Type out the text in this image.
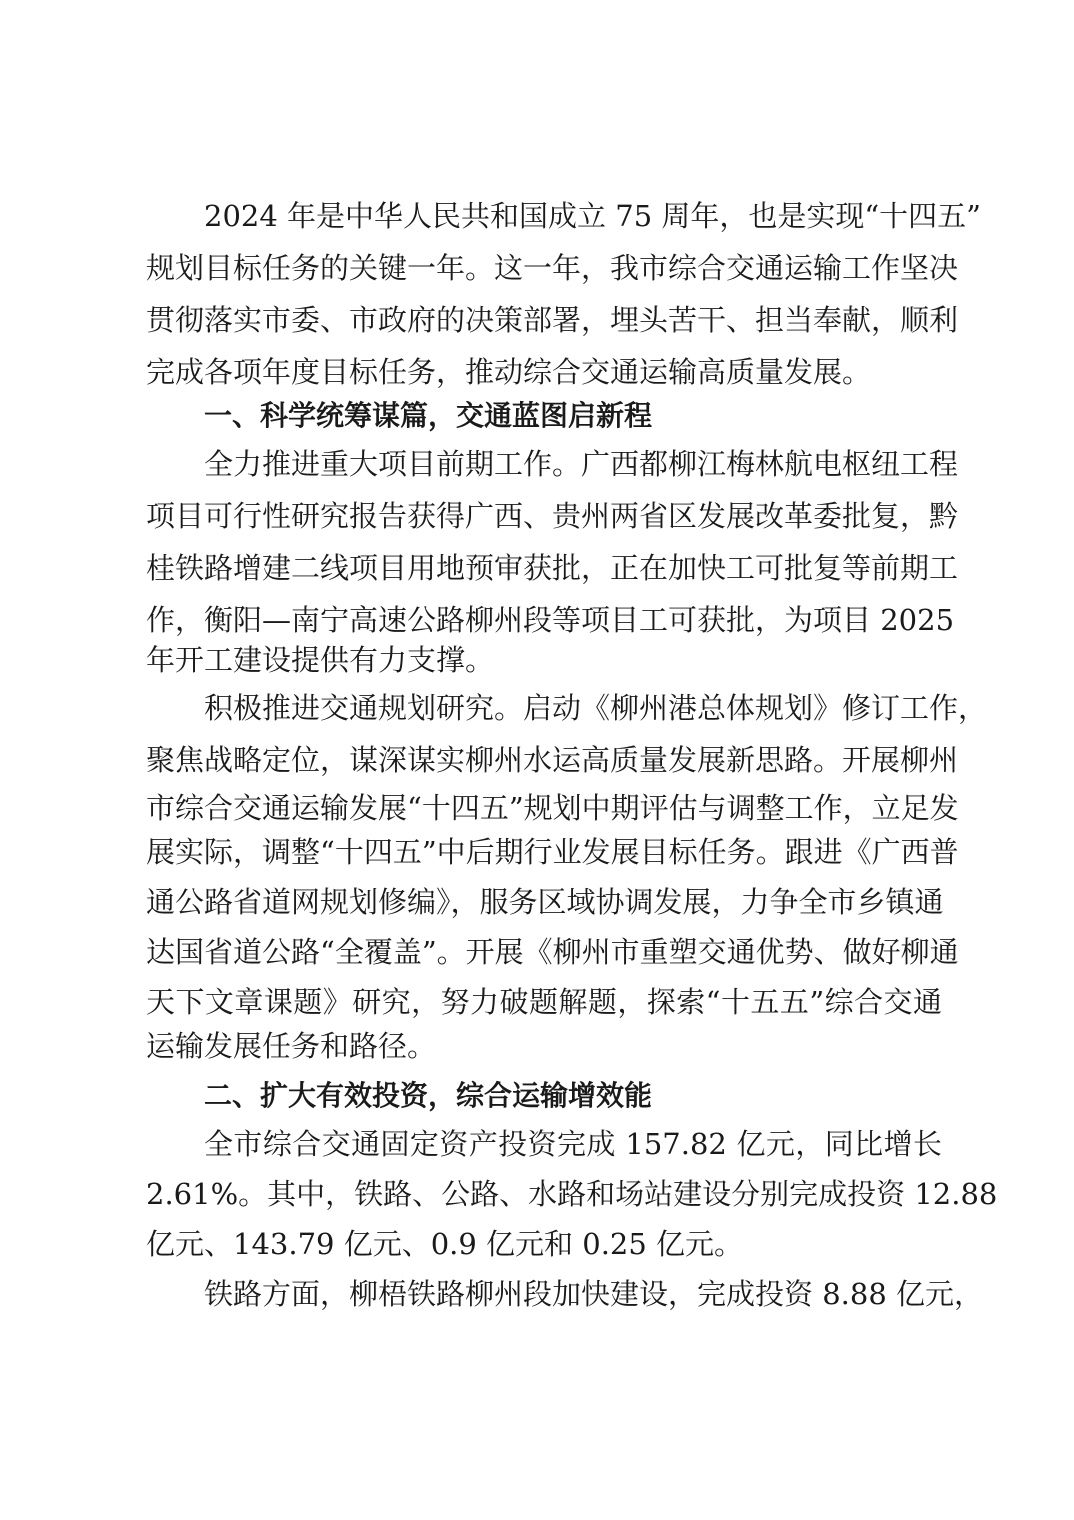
2024 年是中华人民共和国成立 75 周年，也是实现“十四五”
规划目标任务的关键一年。这一年，我市综合交通运输工作坚决
贯彻落实市委、市政府的决策部署，埋头苦干、担当奉献，顺利
完成各项年度目标任务，推动综合交通运输高质量发展。
一、科学统筹谋篇，交通蓝图启新程
全力推进重大项目前期工作。广西都柳江梅林航电枢纽工程
项目可行性研究报告获得广西、贵州两省区发展改革委批复，黔
桂铁路增建二线项目用地预审获批，正在加快工可批复等前期工
作，衡阳—南宁高速公路柳州段等项目工可获批，为项目 2025
年开工建设提供有力支撑。
积极推进交通规划研究。启动《柳州港总体规划》修订工作，
聚焦战略定位，谋深谋实柳州水运高质量发展新思路。开展柳州
市综合交通运输发展“十四五”规划中期评估与调整工作，立足发
展实际，调整“十四五”中后期行业发展目标任务。跟进《广西普
通公路省道网规划修编》，服务区域协调发展，力争全市乡镇通
达国省道公路“全覆盖”。开展《柳州市重塑交通优势、做好柳通
天下文章课题》研究，努力破题解题，探索“十五五”综合交通
运输发展任务和路径。
二、扩大有效投资，综合运输增效能
全市综合交通固定资产投资完成 157.82 亿元，同比增长
2.61%。其中，铁路、公路、水路和场站建设分别完成投资 12.88
亿元、143.79 亿元、0.9 亿元和 0.25 亿元。
铁路方面，柳梧铁路柳州段加快建设，完成投资 8.88 亿元，
